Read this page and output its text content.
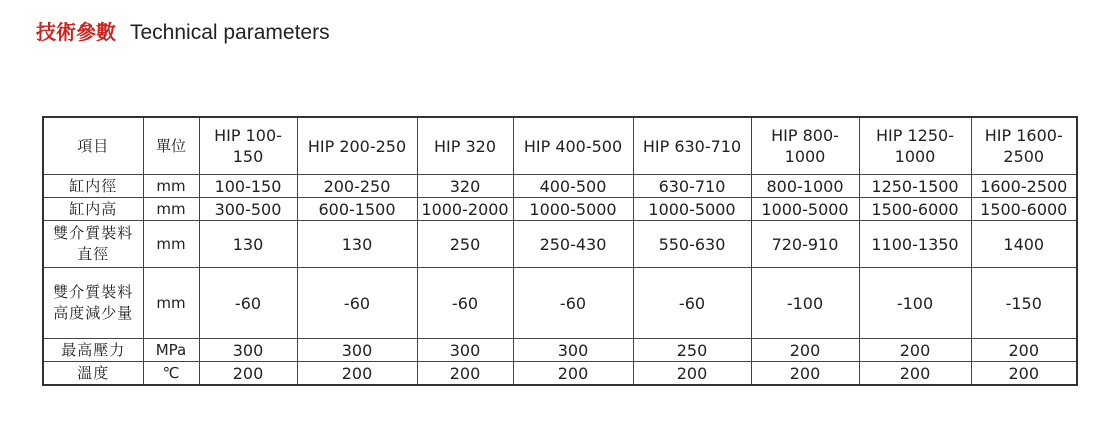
技術參數 Technical parameters
項目	單位	HIP 100-150	HIP 200-250	HIP 320	HIP 400-500	HIP 630-710	HIP 800-1000	HIP 1250-1000	HIP 1600-2500
缸内徑	mm	100-150	200-250	320	400-500	630-710	800-1000	1250-1500	1600-2500
缸内高	mm	300-500	600-1500	1000-2000	1000-5000	1000-5000	1000-5000	1500-6000	1500-6000
雙介質裝料直徑	mm	130	130	250	250-430	550-630	720-910	1100-1350	1400
雙介質裝料高度減少量	mm	-60	-60	-60	-60	-60	-100	-100	-150
最高壓力	MPa	300	300	300	300	250	200	200	200
溫度	℃	200	200	200	200	200	200	200	200
